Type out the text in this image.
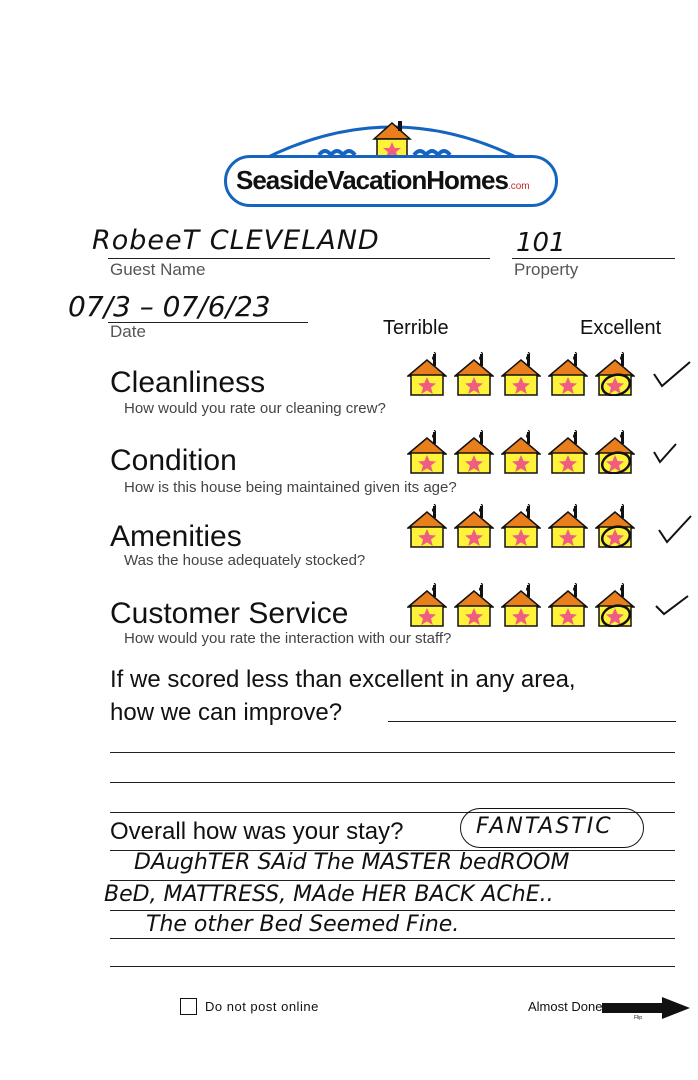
SeasideVacationHomes.com
RobeeT CLEVELAND
Guest Name
101
Property
07/3 – 07/6/23
Date	Terrible	Excellent
Cleanliness
How would you rate our cleaning crew?
Condition
How is this house being maintained given its age?
Amenities
Was the house adequately stocked?
Customer Service
How would you rate the interaction with our staff?
If we scored less than excellent in any area,
how we can improve?
Overall how was your stay?	FANTASTIC
DAughTER SAid The MASTER bedROOM
BeD, MATTRESS, MAde HER BACK AChE..
The other Bed Seemed Fine.
Do not post online	Almost Done
Flip
